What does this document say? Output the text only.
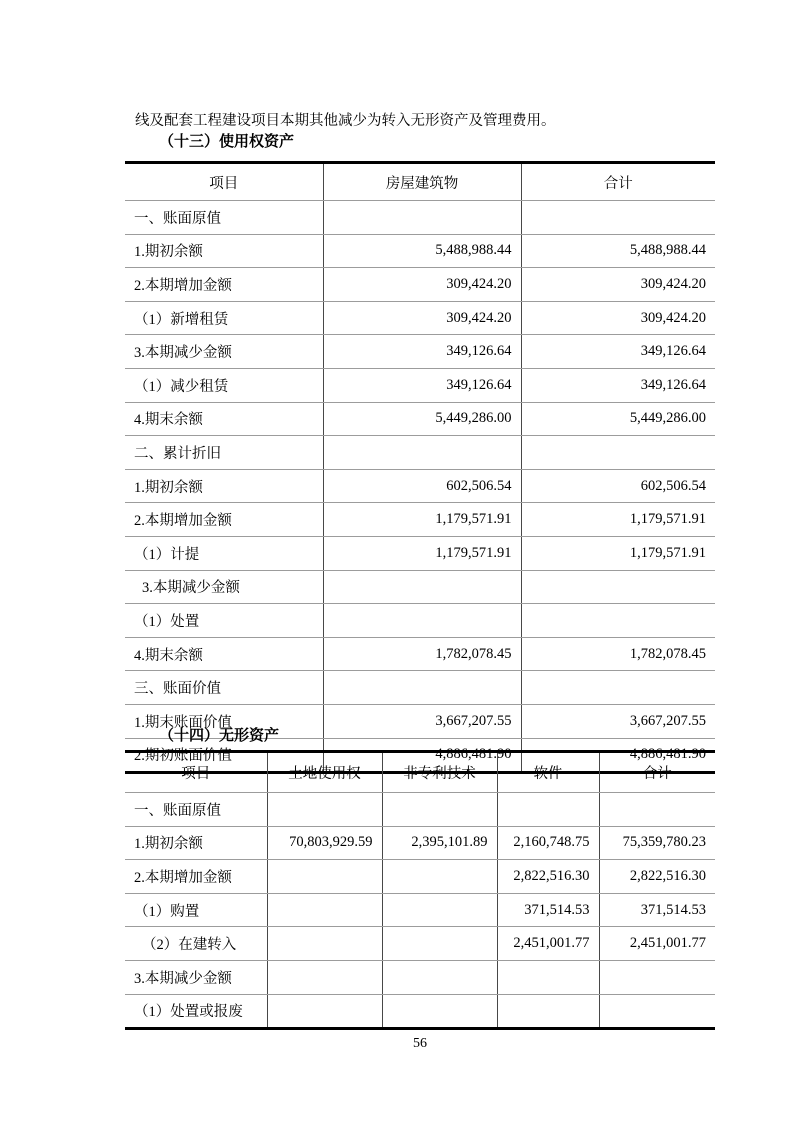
线及配套工程建设项目本期其他减少为转入无形资产及管理费用。

（十三）使用权资产
项目	房屋建筑物	合计
一、账面原值		
1.期初余额	5,488,988.44	5,488,988.44
2.本期增加金额	309,424.20	309,424.20
（1）新增租赁	309,424.20	309,424.20
3.本期减少金额	349,126.64	349,126.64
（1）减少租赁	349,126.64	349,126.64
4.期末余额	5,449,286.00	5,449,286.00
二、累计折旧		
1.期初余额	602,506.54	602,506.54
2.本期增加金额	1,179,571.91	1,179,571.91
（1）计提	1,179,571.91	1,179,571.91
3.本期减少金额		
（1）处置		
4.期末余额	1,782,078.45	1,782,078.45
三、账面价值		
1.期末账面价值	3,667,207.55	3,667,207.55
2.期初账面价值	4,886,481.90	4,886,481.90
（十四）无形资产
项目	土地使用权	非专利技术	软件	合计
一、账面原值				
1.期初余额	70,803,929.59	2,395,101.89	2,160,748.75	75,359,780.23
2.本期增加金额			2,822,516.30	2,822,516.30
（1）购置			371,514.53	371,514.53
（2）在建转入			2,451,001.77	2,451,001.77
3.本期减少金额				
（1）处置或报废				
56
